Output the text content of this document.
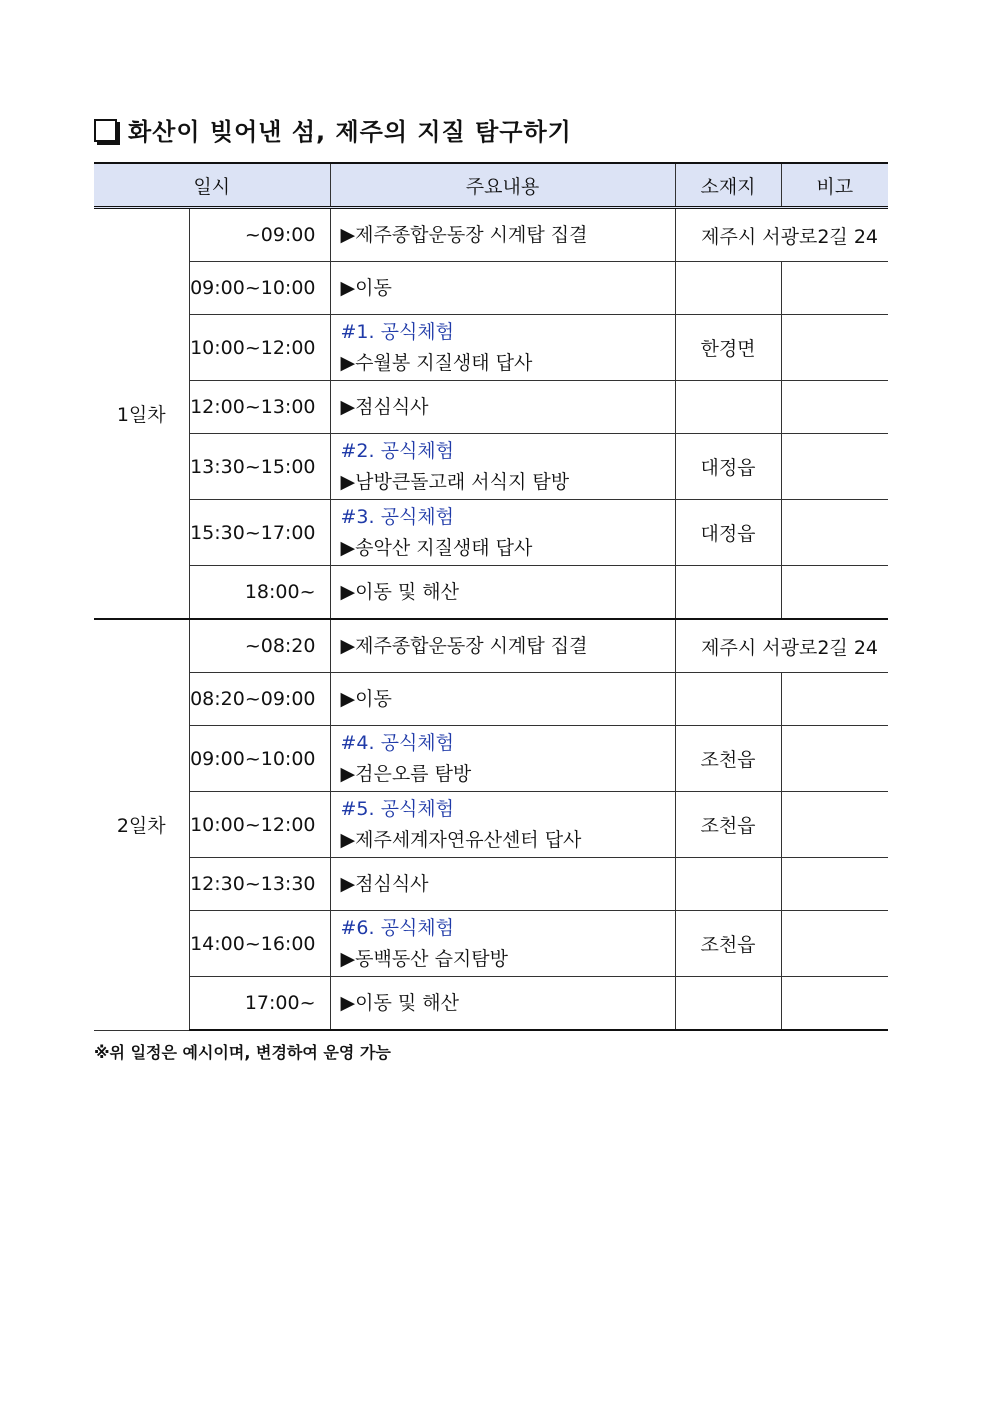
화산이 빚어낸 섬, 제주의 지질 탐구하기
일시		주요내용	소재지	비고
1일차	~09:00	▶제주종합운동장 시계탑 집결	제주시 서광로2길 24	
	09:00~10:00	▶이동		

	10:00~12:00	#1. 공식체험
▶수월봉 지질생태 답사	한경면	
	12:00~13:00	▶점심식사		

	13:30~15:00	#2. 공식체험
▶남방큰돌고래 서식지 탐방	대정읍	
	15:30~17:00	#3. 공식체험
▶송악산 지질생태 답사	대정읍	
	18:00~	▶이동 및 해산		

2일차	~08:20	▶제주종합운동장 시계탑 집결	제주시 서광로2길 24	
	08:20~09:00	▶이동		

	09:00~10:00	#4. 공식체험
▶검은오름 탐방	조천읍	
	10:00~12:00	#5. 공식체험
▶제주세계자연유산센터 답사	조천읍	
	12:30~13:30	▶점심식사		

	14:00~16:00	#6. 공식체험
▶동백동산 습지탐방	조천읍	
	17:00~	▶이동 및 해산		

※위 일정은 예시이며, 변경하여 운영 가능
